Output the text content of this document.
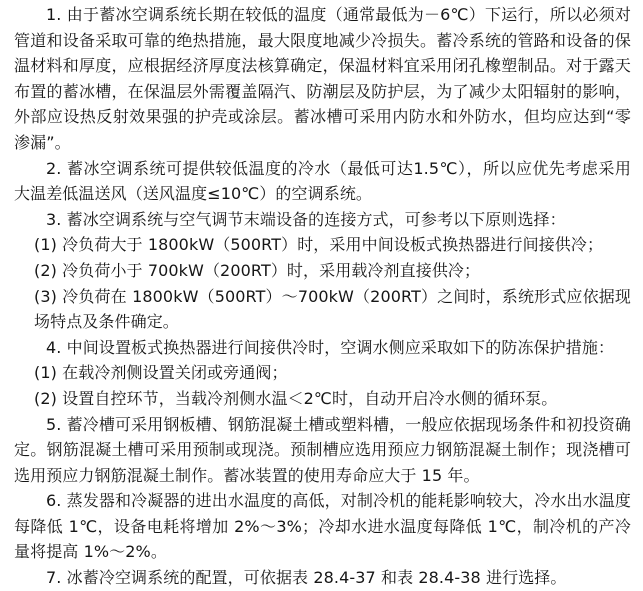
1. 由于蓄冰空调系统长期在较低的温度（通常最低为－6℃）下运行，所以必须对管道和设备采取可靠的绝热措施，最大限度地减少冷损失。蓄冷系统的管路和设备的保温材料和厚度，应根据经济厚度法核算确定，保温材料宜采用闭孔橡塑制品。对于露天布置的蓄冰槽，在保温层外需覆盖隔汽、防潮层及防护层，为了减少太阳辐射的影响，外部应设热反射效果强的护壳或涂层。蓄冰槽可采用内防水和外防水，但均应达到“零渗漏”。

2. 蓄冰空调系统可提供较低温度的冷水（最低可达1.5℃），所以应优先考虑采用大温差低温送风（送风温度≤10℃）的空调系统。

3. 蓄冰空调系统与空气调节末端设备的连接方式，可参考以下原则选择：

(1) 冷负荷大于 1800kW（500RT）时，采用中间设板式换热器进行间接供冷；

(2) 冷负荷小于 700kW（200RT）时，采用载冷剂直接供冷；

(3) 冷负荷在 1800kW（500RT）～700kW（200RT）之间时，系统形式应依据现场特点及条件确定。

4. 中间设置板式换热器进行间接供冷时，空调水侧应采取如下的防冻保护措施：

(1) 在载冷剂侧设置关闭或旁通阀；

(2) 设置自控环节，当载冷剂侧水温＜2℃时，自动开启冷水侧的循环泵。

5. 蓄冷槽可采用钢板槽、钢筋混凝土槽或塑料槽，一般应依据现场条件和初投资确定。钢筋混凝土槽可采用预制或现浇。预制槽应选用预应力钢筋混凝土制作；现浇槽可选用预应力钢筋混凝土制作。蓄冰装置的使用寿命应大于 15 年。

6. 蒸发器和冷凝器的进出水温度的高低，对制冷机的能耗影响较大，冷水出水温度每降低 1℃，设备电耗将增加 2%～3%；冷却水进水温度每降低 1℃，制冷机的产冷量将提高 1%～2%。

7. 冰蓄冷空调系统的配置，可依据表 28.4-37 和表 28.4-38 进行选择。
